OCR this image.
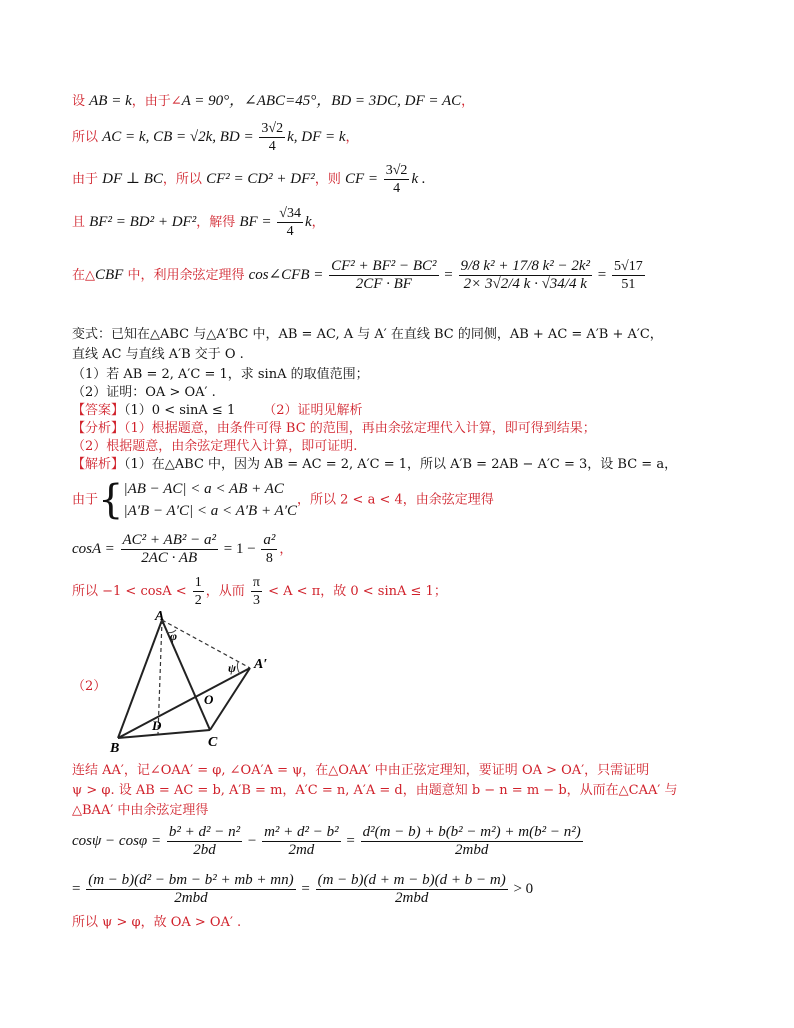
设 AB = k，由于∠A = 90°，∠ABC=45°，BD = 3DC, DF = AC，
所以 AC = k, CB = √2k, BD = $\frac{3√2}{4} k$, DF = k，
由于 DF ⊥ BC，所以 CF² = CD² + DF²，则 CF = $\frac{3√2}{4}$ k .
且 BF² = BD² + DF²，解得 BF = $\frac{√34}{4}$ k，
在△CBF 中，利用余弦定理得 cos∠CFB = $\frac{\text{CF² + BF² − BC²}}{2CF \cdot BF} = \frac{\text{9/8 k² + 17/8 k² − 2k²}}{2\times 3√2/4 k \cdot √34/4 k} = \frac{5√17}{51}$
变式：已知在△ABC 与△A′BC 中，AB = AC, A 与 A′ 在直线 BC 的同侧，AB + AC = A′B + A′C，
直线 AC 与直线 A′B 交于 O .
（1）若 AB = 2, A′C = 1，求 sinA 的取值范围；
（2）证明：OA > OA′ .
【答案】（1）0 < sinA ≤ 1 （2）证明见解析
【分析】（1）根据题意，由条件可得 BC 的范围，再由余弦定理代入计算，即可得到结果；
（2）根据题意，由余弦定理代入计算，即可证明.
【解析】（1）在△ABC 中，因为 AB = AC = 2, A′C = 1，所以 A′B = 2AB − A′C = 3，设 BC = a，
由于{ |AB − AC| < a < AB + AC
|A′B − A′C| < a < A′B + A′C
，所以 2 < a < 4，由余弦定理得
$\cos A = \frac{\text{AC² + AB² − a²}}{2AC \cdot AB} = 1 - \frac{\text{a²}}{8}$ ，
所以 $-1 < \cos A < \frac{1}{2}$ ，从而 $\frac{\pi}{3} < A < \pi$，故 0 < sinA ≤ 1；
（2）
A
A′
B	C
D
O
φ
ψ
连结 AA′，记∠OAA′ = φ, ∠OA′A = ψ，在△OAA′ 中由正弦定理知，要证明 OA > OA′，只需证明
ψ > φ. 设 AB = AC = b, A′B = m，A′C = n, A′A = d，由题意知 b − n = m − b，从而在△CAA′ 与
△BAA′ 中由余弦定理得
$\cos\psi - \cos\varphi = \frac{\text{b² + d² − n²}}{2bd} - \frac{\text{m² + d² − b²}}{2md} = \frac{\text{d²(m − b) + b(b² − m²) + m(b² − n²)}}{\text{2mbd}}$
= $\frac{\text{(m − b)(d² − bm − b² + mb + mn)}}{\text{2mbd}} = \frac{(m - b)(d + m - b)(d + b - m)}{\text{2mbd}} > 0$
所以 ψ > φ，故 OA > OA′ .
